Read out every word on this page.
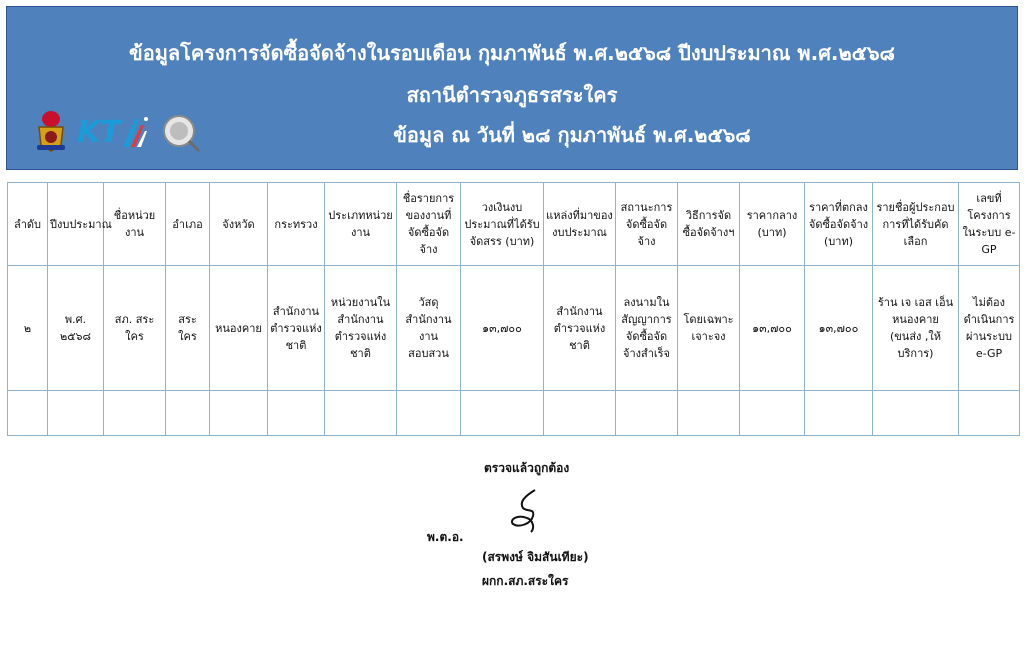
ข้อมูลโครงการจัดซื้อจัดจ้างในรอบเดือน กุมภาพันธ์ พ.ศ.๒๕๖๘ ปีงบประมาณ พ.ศ.๒๕๖๘
สถานีตำรวจภูธรสระใคร
ข้อมูล ณ วันที่ ๒๘ กุมภาพันธ์ พ.ศ.๒๕๖๘
KT
ลำดับ	ปีงบประมาณ	ชื่อหน่วยงาน	อำเภอ	จังหวัด	กระทรวง	ประเภทหน่วยงาน	ชื่อรายการของงานที่จัดซื้อจัดจ้าง	วงเงินงบประมาณที่ได้รับจัดสรร (บาท)	แหล่งที่มาของงบประมาณ	สถานะการจัดซื้อจัดจ้าง	วิธีการจัดซื้อจัดจ้างฯ	ราคากลาง (บาท)	ราคาที่ตกลงจัดซื้อจัดจ้าง (บาท)	รายชื่อผู้ประกอบการที่ได้รับคัดเลือก	เลขที่โครงการในระบบ e-GP
๒	พ.ศ. ๒๕๖๘	สภ. สระใคร	สระ ใคร	หนองคาย	สำนักงานตำรวจแห่งชาติ	หน่วยงานในสำนักงานตำรวจแห่งชาติ	วัสดุสำนักงานงานสอบสวน	๑๓,๗๐๐	สำนักงานตำรวจแห่งชาติ	ลงนามในสัญญาการจัดซื้อจัดจ้างสำเร็จ	โดยเฉพาะเจาะจง	๑๓,๗๐๐	๑๓,๗๐๐	ร้าน เจ เอส เอ็น หนองคาย (ขนส่ง ,ให้บริการ)	ไม่ต้องดำเนินการผ่านระบบ e-GP

ตรวจแล้วถูกต้อง
พ.ต.อ.
(สรพงษ์ จิมสันเทียะ)
ผกก.สภ.สระใคร
